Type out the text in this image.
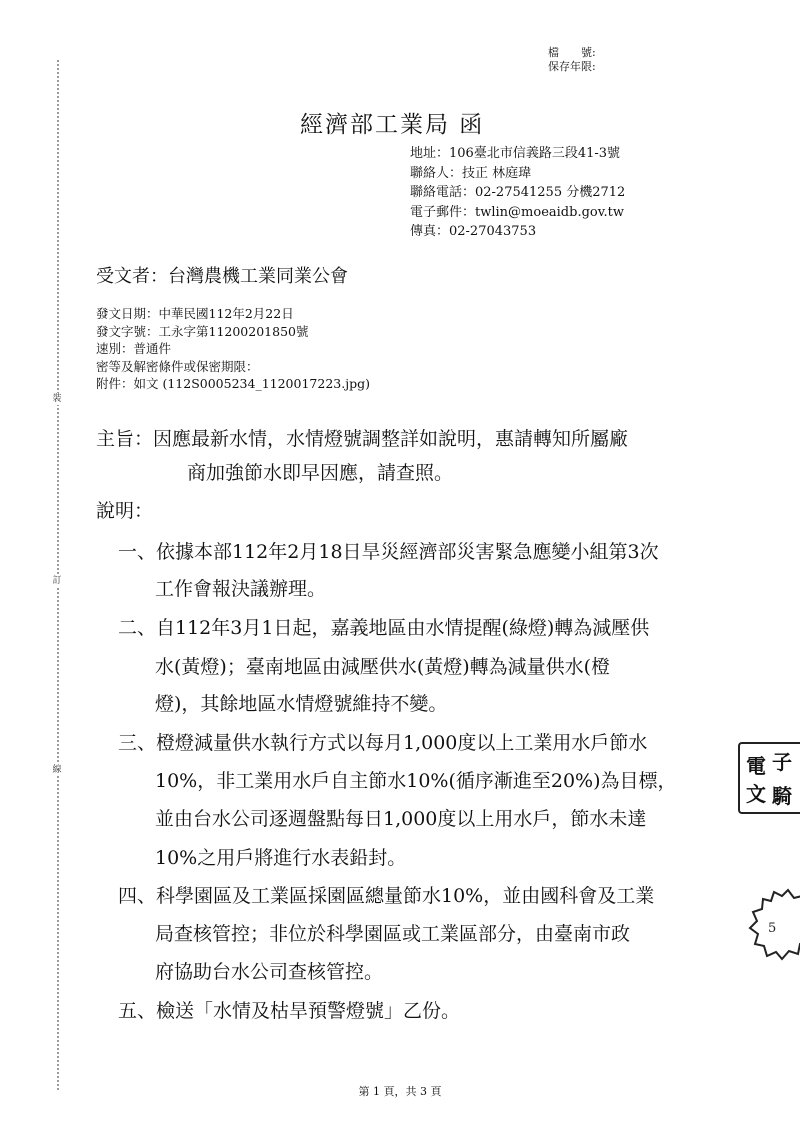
檔　　號:
保存年限:
裝
訂
線
經濟部工業局 函
地址：106臺北市信義路三段41-3號
聯絡人：技正 林庭瑋
聯絡電話：02-27541255 分機2712
電子郵件：twlin@moeaidb.gov.tw
傳真：02-27043753
受文者：台灣農機工業同業公會
發文日期：中華民國112年2月22日
發文字號：工永字第11200201850號
速別：普通件
密等及解密條件或保密期限：
附件：如文 (112S0005234_1120017223.jpg)
主旨：因應最新水情，水情燈號調整詳如說明，惠請轉知所屬廠
商加強節水即早因應，請查照。
說明：
一、依據本部112年2月18日旱災經濟部災害緊急應變小組第3次
工作會報決議辦理。
二、自112年3月1日起，嘉義地區由水情提醒(綠燈)轉為減壓供
水(黃燈)；臺南地區由減壓供水(黃燈)轉為減量供水(橙
燈)，其餘地區水情燈號維持不變。
三、橙燈減量供水執行方式以每月1,000度以上工業用水戶節水
10%，非工業用水戶自主節水10%(循序漸進至20%)為目標，
並由台水公司逐週盤點每日1,000度以上用水戶，節水未達
10%之用戶將進行水表鉛封。
四、科學園區及工業區採園區總量節水10%，並由國科會及工業
局查核管控；非位於科學園區或工業區部分，由臺南市政
府協助台水公司查核管控。
五、檢送「水情及枯旱預警燈號」乙份。
電 子
文 騎
5
第 1 頁，共 3 頁
